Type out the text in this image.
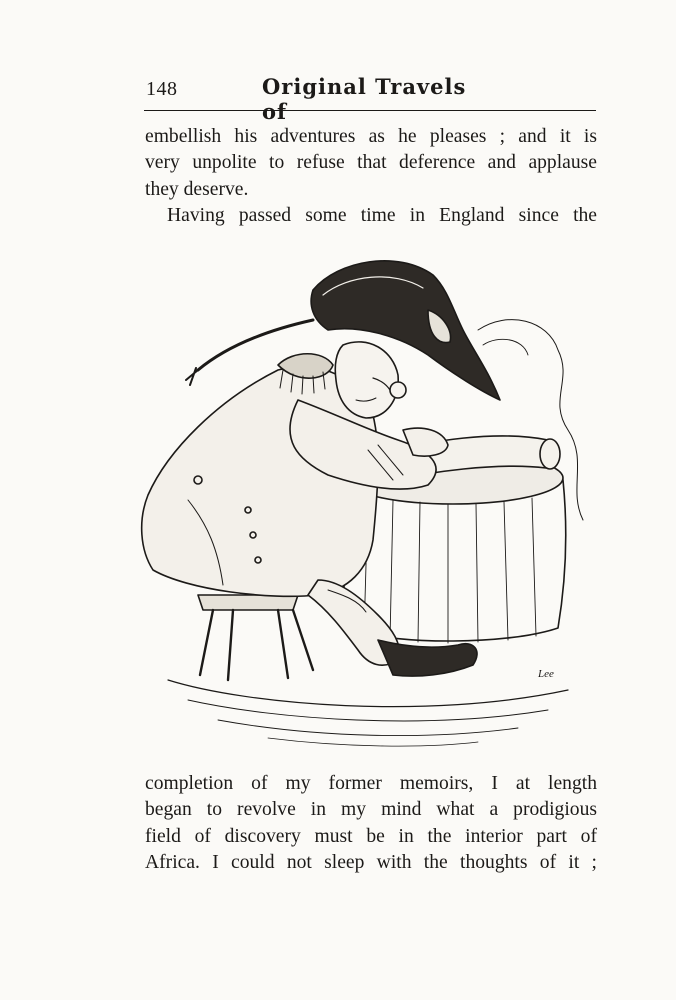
148	Original Travels of

embellish his adventures as he pleases ; and it is
very unpolite to refuse that deference and applause
they deserve.

Having passed some time in England since the

Lee

completion of my former memoirs, I at length
began to revolve in my mind what a prodigious
field of discovery must be in the interior part of
Africa. I could not sleep with the thoughts of it ;
